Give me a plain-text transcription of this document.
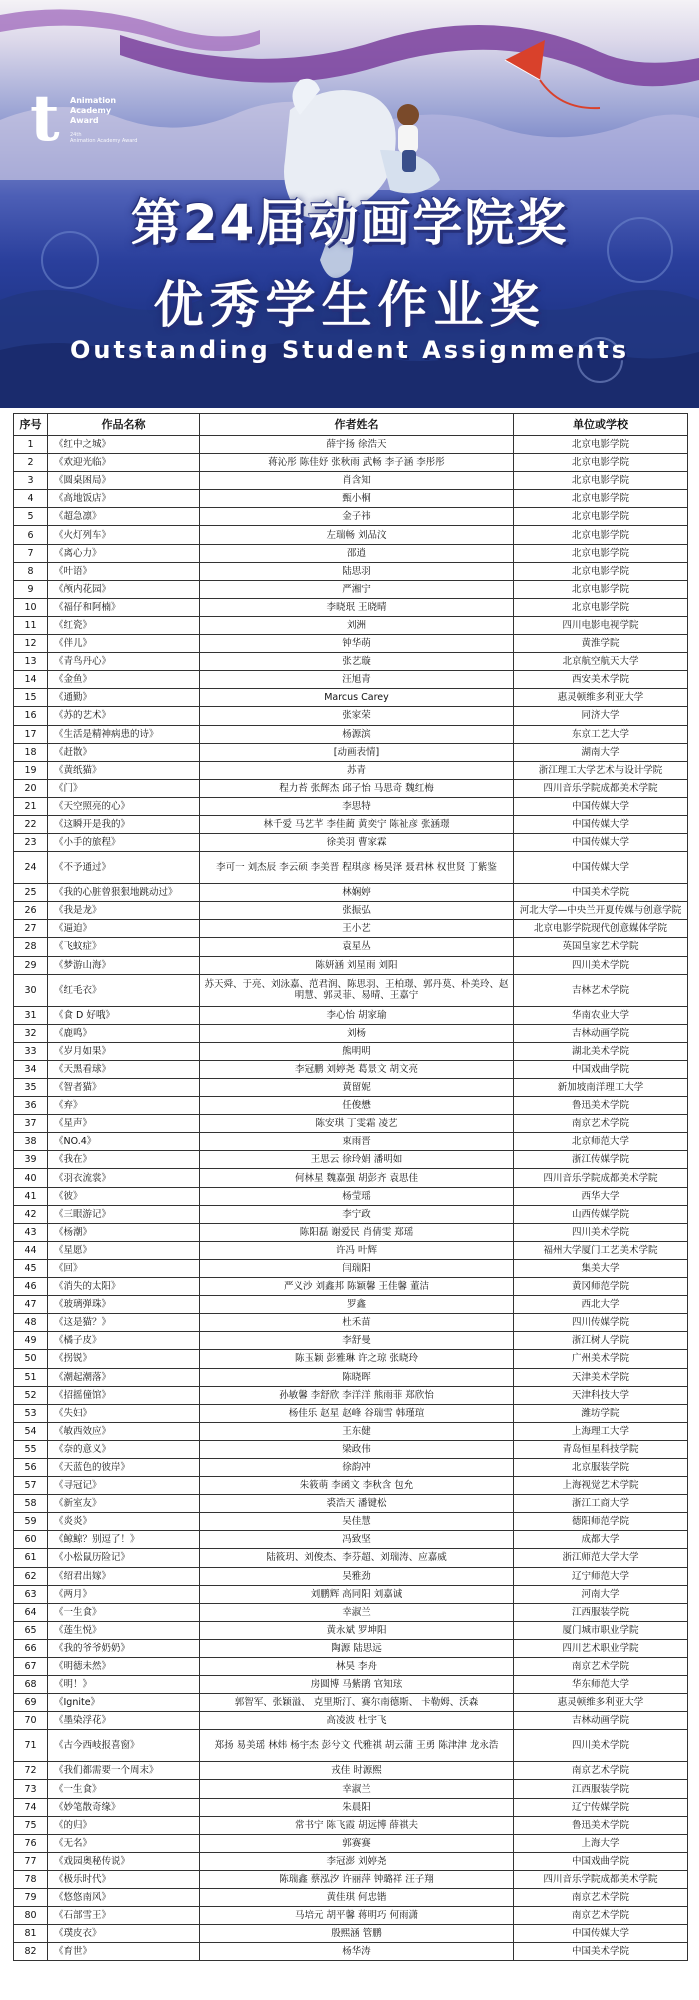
t	Animation
Academy
Award
24th
Animation Academy Award
第24届动画学院奖
优秀学生作业奖
Outstanding Student Assignments
序号	作品名称	作者姓名	单位或学校
1	《红中之城》	薛宇扬 徐浩天	北京电影学院
2	《欢迎光临》	蒋沁彤 陈佳妤 张秋雨 武畅 李子涵 李彤彤	北京电影学院
3	《圆桌困局》	肖含知	北京电影学院
4	《高地饭店》	甄小桐	北京电影学院
5	《超急凛》	金子祎	北京电影学院
6	《火灯列车》	左瑞畅 刘品汶	北京电影学院
7	《离心力》	邵逍	北京电影学院
8	《叶语》	陆思羽	北京电影学院
9	《颅内花园》	严湘宁	北京电影学院
10	《福仔和阿楠》	李晓珉 王晓晴	北京电影学院
11	《红瓷》	刘洲	四川电影电视学院
12	《伴儿》	钟华萌	黄淮学院
13	《青鸟丹心》	张艺璇	北京航空航天大学
14	《金鱼》	汪旭青	西安美术学院
15	《通勤》	Marcus Carey	惠灵顿维多利亚大学
16	《苏的艺术》	张家荣	同济大学
17	《生活是精神病患的诗》	杨源滨	东京工艺大学
18	《赶散》	[动画表情]	湖南大学
19	《黄纸猫》	苏青	浙江理工大学艺术与设计学院
20	《门》	程力苔 张辉杰 邱子怡 马思奇 魏红梅	四川音乐学院成都美术学院
21	《天空照亮的心》	李思特	中国传媒大学
22	《这瞬开是我的》	林千爱 马艺芊 李佳蔺 黄奕宁 陈祉彦 张涵璟	中国传媒大学
23	《小手的旅程》	徐美羽 曹家霖	中国传媒大学
24	《不予通过》	李可一 刘杰辰 李云硕 李美晋 程琪彦 杨昊泽 聂君林 权世贤 丁紫鉴	中国传媒大学
25	《我的心脏曾狠狠地跳动过》	林娴婷	中国美术学院
26	《我是龙》	张振弘	河北大学—中央兰开夏传媒与创意学院
27	《逼迫》	王小艺	北京电影学院现代创意媒体学院
28	《飞蚊症》	袁星丛	英国皇家艺术学院
29	《梦游山海》	陈妍涵 刘星雨 刘阳	四川美术学院
30	《红毛衣》	苏天舜、于亮、刘泳嘉、范君润、陈思羽、王柏璟、郭丹莫、朴美玲、赵明慧、郭灵菲、易晴、王嘉宁	吉林艺术学院
31	《食 D 好哦》	李心怡 胡家瑜	华南农业大学
32	《鹿鸣》	刘杨	吉林动画学院
33	《岁月如果》	熊明明	湖北美术学院
34	《天黑看球》	李冠鹏 刘婷尧 葛景文 胡文亮	中国戏曲学院
35	《智者猫》	黄留妮	新加坡南洋理工大学
36	《弃》	任俊懋	鲁迅美术学院
37	《星声》	陈安琪 丁雯霜 凌艺	南京艺术学院
38	《NO.4》	束雨晋	北京师范大学
39	《我在》	王思云 徐玲娟 潘明如	浙江传媒学院
40	《羽衣流裳》	何林星 魏嘉强 胡彭齐 袁思佳	四川音乐学院成都美术学院
41	《彼》	杨莹瑶	西华大学
42	《三眼游记》	李宁政	山西传媒学院
43	《杨潮》	陈阳磊 谢爱民 肖倩雯 郑瑶	四川美术学院
44	《星愿》	许冯 叶辉	福州大学厦门工艺美术学院
45	《回》	闫瑞阳	集美大学
46	《消失的太阳》	严义沙 刘鑫邦 陈颖馨 王佳馨 董洁	黄冈师范学院
47	《玻璃弹珠》	罗鑫	西北大学
48	《这是猫？》	杜禾苗	四川传媒学院
49	《橘子皮》	李舒曼	浙江树人学院
50	《拐锐》	陈玉颖 彭雅琳 许之琼 张晓玲	广州美术学院
51	《潮起潮落》	陈晓晖	天津美术学院
52	《招摇僮馆》	孙敏馨 李舒欣 李洋洋 熊雨菲 郑欣怡	天津科技大学
53	《失妇》	杨佳乐 赵星 赵峰 谷瑞雪 韩瑾瑄	潍坊学院
54	《敏西效应》	王东健	上海理工大学
55	《奈的意义》	梁政伟	青岛恒星科技学院
56	《天蓝色的彼岸》	徐韵冲	北京服装学院
57	《寻冠记》	朱筱萌 李函文 李秋含 包允	上海视觉艺术学院
58	《新室友》	裘浩天 潘键松	浙江工商大学
59	《炎炎》	吴佳慧	德阳师范学院
60	《鲸鲸？别逗了！》	冯致坚	成都大学
61	《小松鼠历险记》	陆筱玥、刘俊杰、李芬超、刘瑞涛、应嘉威	浙江师范大学大学
62	《绍君出嫁》	吴雅劲	辽宁师范大学
63	《两月》	刘鹏辉 高同阳 刘嘉诚	河南大学
64	《一生食》	幸淑兰	江西服装学院
65	《莲生悦》	黄永斌 罗坤阳	厦门城市职业学院
66	《我的爷爷奶奶》	陶源 陆思远	四川艺术职业学院
67	《明德未然》	林昊 李舟	南京艺术学院
68	《明！》	房圆博 马紫鹃 官知玹	华东师范大学
69	《Ignite》	郭智军、张颖溢、 克里斯汀、赛尔南德斯、 卡勒姆、沃森	惠灵顿维多利亚大学
70	《墨染浮花》	高凌波 杜宇飞	吉林动画学院
71	《古今西岐报喜窗》	郑扬 易美瑶 林炜 杨宇杰 彭兮文 代雅祺 胡云蒲 王勇 陈津津 龙永浩	四川美术学院
72	《我们都需要一个周末》	戎佳 时源熙	南京艺术学院
73	《一生食》	幸淑兰	江西服装学院
74	《妙笔散奇缘》	朱晨阳	辽宁传媒学院
75	《的归》	常书宁 陈飞霞 胡远博 薛祺夫	鲁迅美术学院
76	《无名》	郭赛赛	上海大学
77	《戏园奥秘传说》	李冠澎 刘婷尧	中国戏曲学院
78	《极乐时代》	陈瑞鑫 蔡泓汐 许丽萍 钟璐祥 汪子翔	四川音乐学院成都美术学院
79	《悠悠南风》	黄佳琪 何忠锴	南京艺术学院
80	《石部雪王》	马培元 胡平馨 蒋明巧 何雨潇	南京艺术学院
81	《璞皮衣》	殷熙涵 管鹏	中国传媒大学
82	《育世》	杨华涛	中国美术学院
